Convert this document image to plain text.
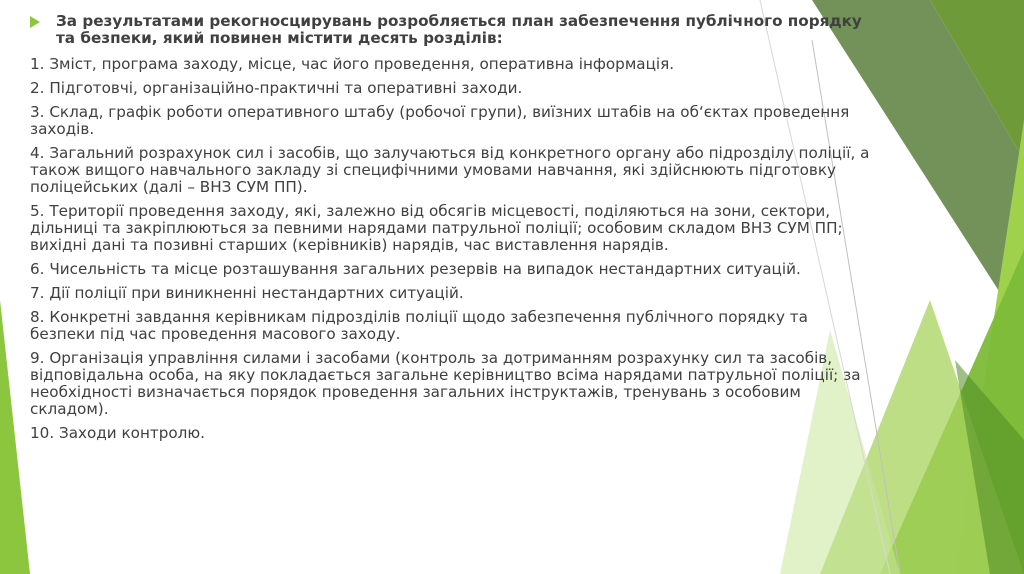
За результатами рекогносцирувань розробляється план забезпечення публічного порядку та безпеки, який повинен містити десять розділів:
1. Зміст, програма заходу, місце, час його проведення, оперативна інформація.
2. Підготовчі, організаційно-практичні та оперативні заходи.
3. Склад, графік роботи оперативного штабу (робочої групи), виїзних штабів на об‘єктах проведення заходів.
4. Загальний розрахунок сил і засобів, що залучаються від конкретного органу або підрозділу поліції, а також вищого навчального закладу зі специфічними умовами навчання, які здійснюють підготовку поліцейських (далі – ВНЗ СУМ ПП).
5. Території проведення заходу, які, залежно від обсягів місцевості, поділяються на зони, сектори, дільниці та закріплюються за певними нарядами патрульної поліції; особовим складом ВНЗ СУМ ПП; вихідні дані та позивні старших (керівників) нарядів, час виставлення нарядів.
6. Чисельність та місце розташування загальних резервів на випадок нестандартних ситуацій.
7. Дії поліції при виникненні нестандартних ситуацій.
8. Конкретні завдання керівникам підрозділів поліції щодо забезпечення публічного порядку та безпеки під час проведення масового заходу.
9. Організація управління силами і засобами (контроль за дотриманням розрахунку сил та засобів, відповідальна особа, на яку покладається загальне керівництво всіма нарядами патрульної поліції; за необхідності визначається порядок проведення загальних інструктажів, тренувань з особовим складом).
10. Заходи контролю.
